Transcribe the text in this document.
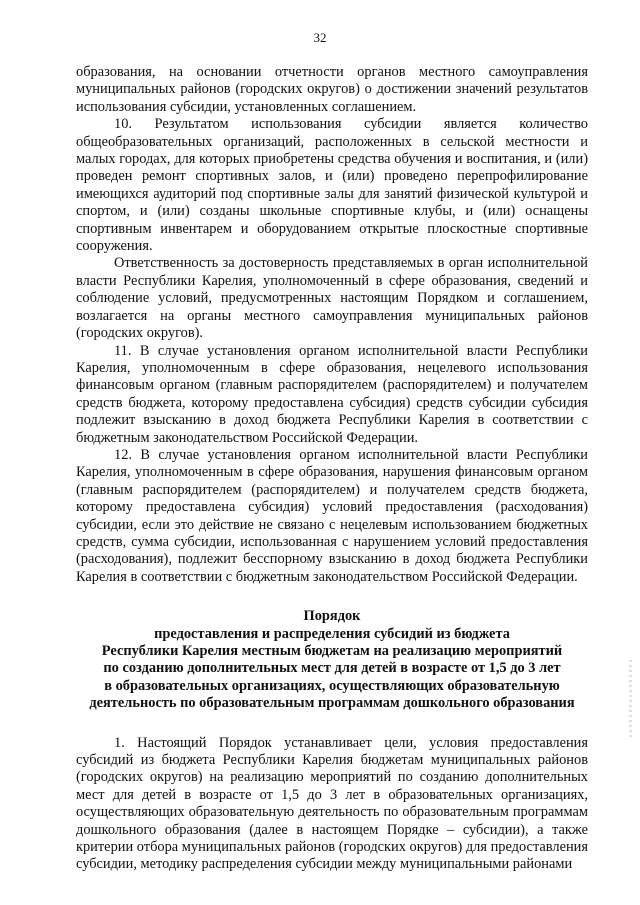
32

образования, на основании отчетности органов местного самоуправления муниципальных районов (городских округов) о достижении значений результатов использования субсидии, установленных соглашением.

10. Результатом использования субсидии является количество общеобразовательных организаций, расположенных в сельской местности и малых городах, для которых приобретены средства обучения и воспитания, и (или) проведен ремонт спортивных залов, и (или) проведено перепрофилирование имеющихся аудиторий под спортивные залы для занятий физической культурой и спортом, и (или) созданы школьные спортивные клубы, и (или) оснащены спортивным инвентарем и оборудованием открытые плоскостные спортивные сооружения.

Ответственность за достоверность представляемых в орган исполнительной власти Республики Карелия, уполномоченный в сфере образования, сведений и соблюдение условий, предусмотренных настоящим Порядком и соглашением, возлагается на органы местного самоуправления муниципальных районов (городских округов).

11. В случае установления органом исполнительной власти Республики Карелия, уполномоченным в сфере образования, нецелевого использования финансовым органом (главным распорядителем (распорядителем) и получателем средств бюджета, которому предоставлена субсидия) средств субсидии субсидия подлежит взысканию в доход бюджета Республики Карелия в соответствии с бюджетным законодательством Российской Федерации.

12. В случае установления органом исполнительной власти Республики Карелия, уполномоченным в сфере образования, нарушения финансовым органом (главным распорядителем (распорядителем) и получателем средств бюджета, которому предоставлена субсидия) условий предоставления (расходования) субсидии, если это действие не связано с нецелевым использованием бюджетных средств, сумма субсидии, использованная с нарушением условий предоставления (расходования), подлежит бесспорному взысканию в доход бюджета Республики Карелия в соответствии с бюджетным законодательством Российской Федерации.

Порядок
предоставления и распределения субсидий из бюджета
Республики Карелия местным бюджетам на реализацию мероприятий
по созданию дополнительных мест для детей в возрасте от 1,5 до 3 лет
в образовательных организациях, осуществляющих образовательную
деятельность по образовательным программам дошкольного образования

1. Настоящий Порядок устанавливает цели, условия предоставления субсидий из бюджета Республики Карелия бюджетам муниципальных районов (городских округов) на реализацию мероприятий по созданию дополнительных мест для детей в возрасте от 1,5 до 3 лет в образовательных организациях, осуществляющих образовательную деятельность по образовательным программам дошкольного образования (далее в настоящем Порядке – субсидии), а также критерии отбора муниципальных районов (городских округов) для предоставления субсидии, методику распределения субсидии между муниципальными районами
